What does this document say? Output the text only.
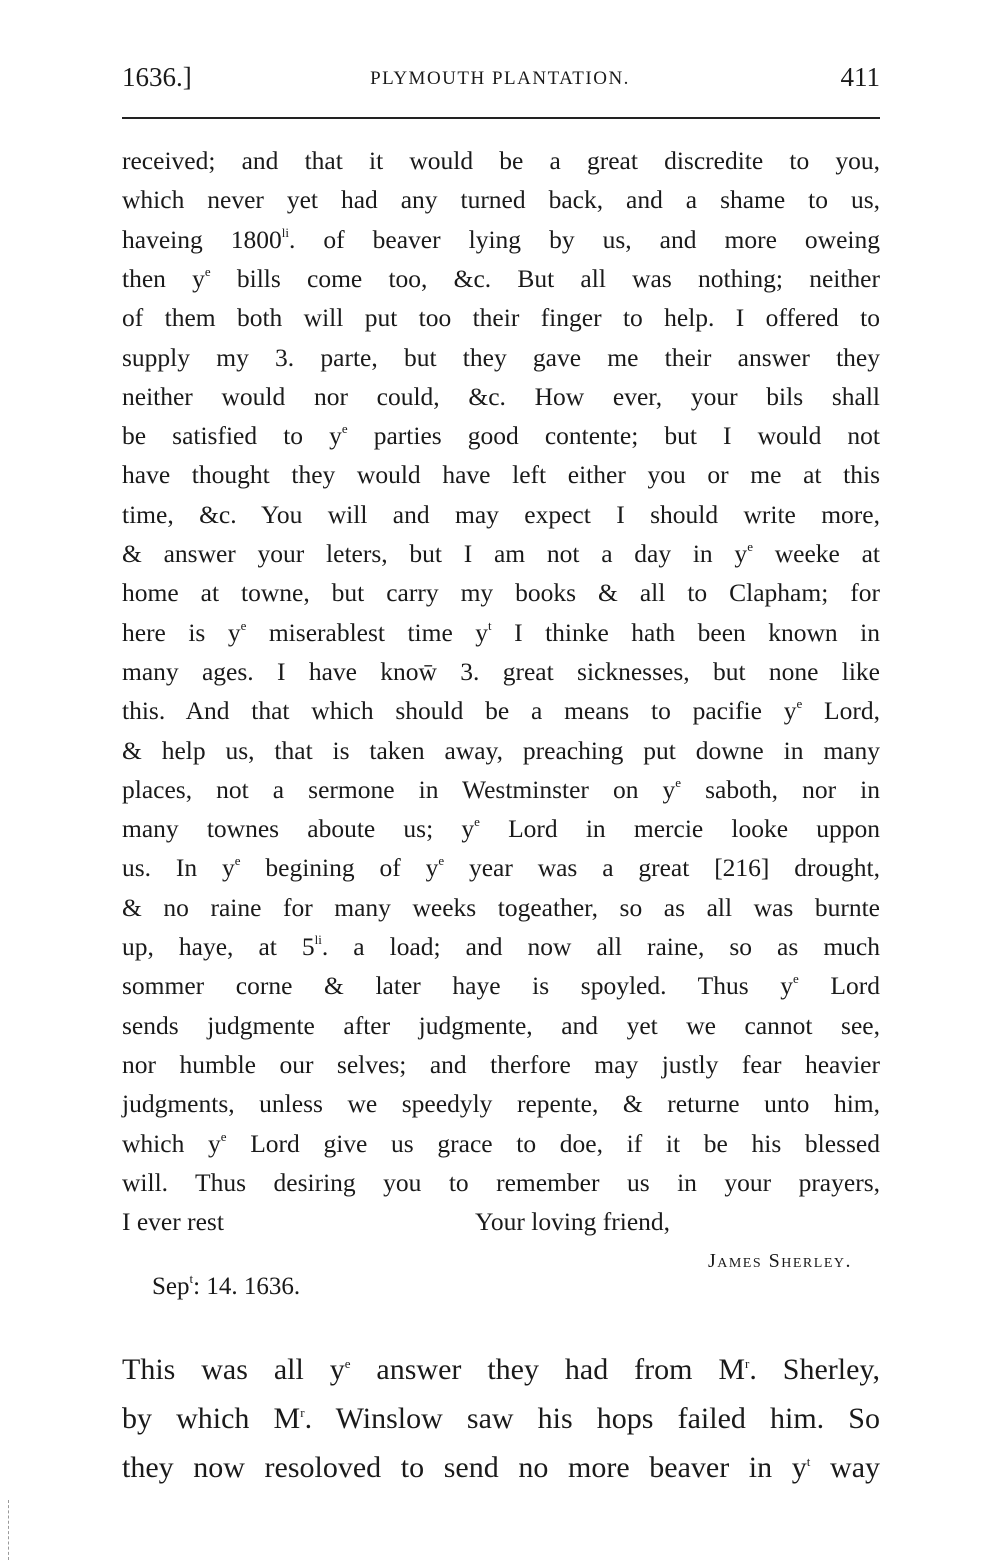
1636.]	PLYMOUTH PLANTATION.	411
received; and that it would be a great discredite to you,
which never yet had any turned back, and a shame to us,
haveing $1800^{li}$. of beaver lying by us, and more oweing
then $y^e$ bills come too, &c. But all was nothing; neither
of them both will put too their finger to help. I offered to
supply my 3. parte, but they gave me their answer they
neither would nor could, &c. How ever, your bils shall
be satisfied to $y^e$ parties good contente; but I would not
have thought they would have left either you or me at this
time, &c. You will and may expect I should write more,
& answer your leters, but I am not a day in $y^e$ weeke at
home at towne, but carry my books & all to Clapham; for
here is $y^e$ miserablest time $y^t$ I thinke hath been known in
many ages. I have know̄ 3. great sicknesses, but none like
this. And that which should be a means to pacifie $y^e$ Lord,
& help us, that is taken away, preaching put downe in many
places, not a sermone in Westminster on $y^e$ saboth, nor in
many townes aboute us; $y^e$ Lord in mercie looke uppon
us. In $y^e$ begining of $y^e$ year was a great [216] drought,
& no raine for many weeks togeather, so as all was burnte
up, haye, at $5^{li}$. a load; and now all raine, so as much
sommer corne & later haye is spoyled. Thus $y^e$ Lord
sends judgmente after judgmente, and yet we cannot see,
nor humble our selves; and therfore may justly fear heavier
judgments, unless we speedyly repente, & returne unto him,
which $y^e$ Lord give us grace to doe, if it be his blessed
will. Thus desiring you to remember us in your prayers,
I ever rest	Your loving friend,
James Sherley.
Sep$^t$: 14. 1636.
This was all $y^e$ answer they had from $M^r$. Sherley,
by which $M^r$. Winslow saw his hops failed him. So
they now resoloved to send no more beaver in $y^t$ way
